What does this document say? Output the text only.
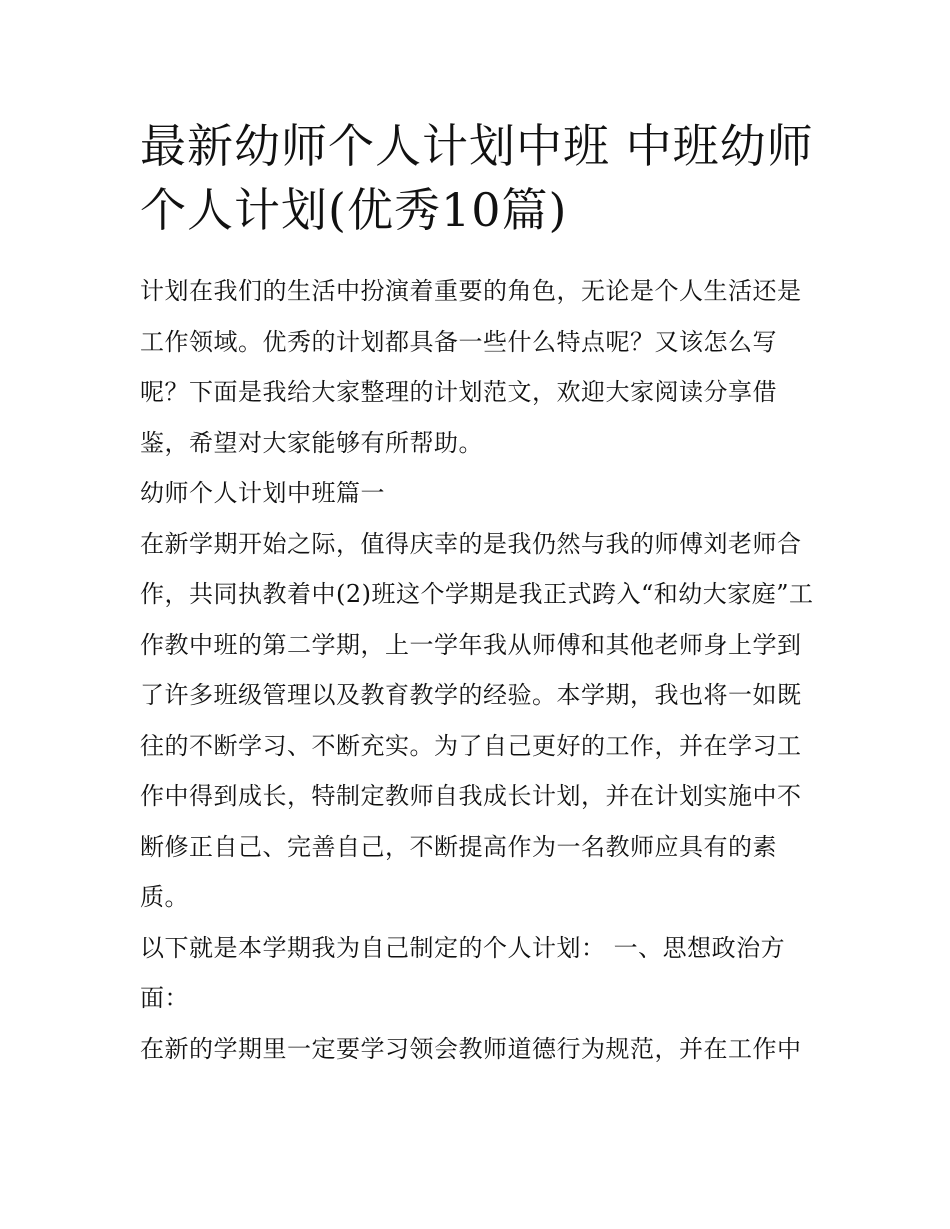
最新幼师个人计划中班 中班幼师个人计划(优秀10篇)

计划在我们的生活中扮演着重要的角色，无论是个人生活还是工作领域。优秀的计划都具备一些什么特点呢？又该怎么写呢？下面是我给大家整理的计划范文，欢迎大家阅读分享借鉴，希望对大家能够有所帮助。

幼师个人计划中班篇一

在新学期开始之际，值得庆幸的是我仍然与我的师傅刘老师合作，共同执教着中(2)班这个学期是我正式跨入“和幼大家庭”工作教中班的第二学期，上一学年我从师傅和其他老师身上学到了许多班级管理以及教育教学的经验。本学期，我也将一如既往的不断学习、不断充实。为了自己更好的工作，并在学习工作中得到成长，特制定教师自我成长计划，并在计划实施中不断修正自己、完善自己，不断提高作为一名教师应具有的素质。

以下就是本学期我为自己制定的个人计划： 一、思想政治方面：

在新的学期里一定要学习领会教师道德行为规范，并在工作中
